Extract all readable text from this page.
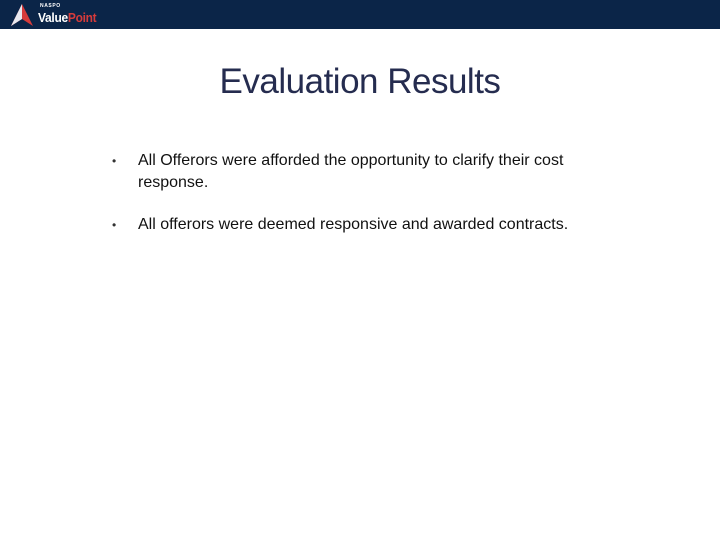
NASPO
ValuePoint
Evaluation Results
•	All Offerors were afforded the opportunity to clarify their cost response.
•	All offerors were deemed responsive and awarded contracts.
